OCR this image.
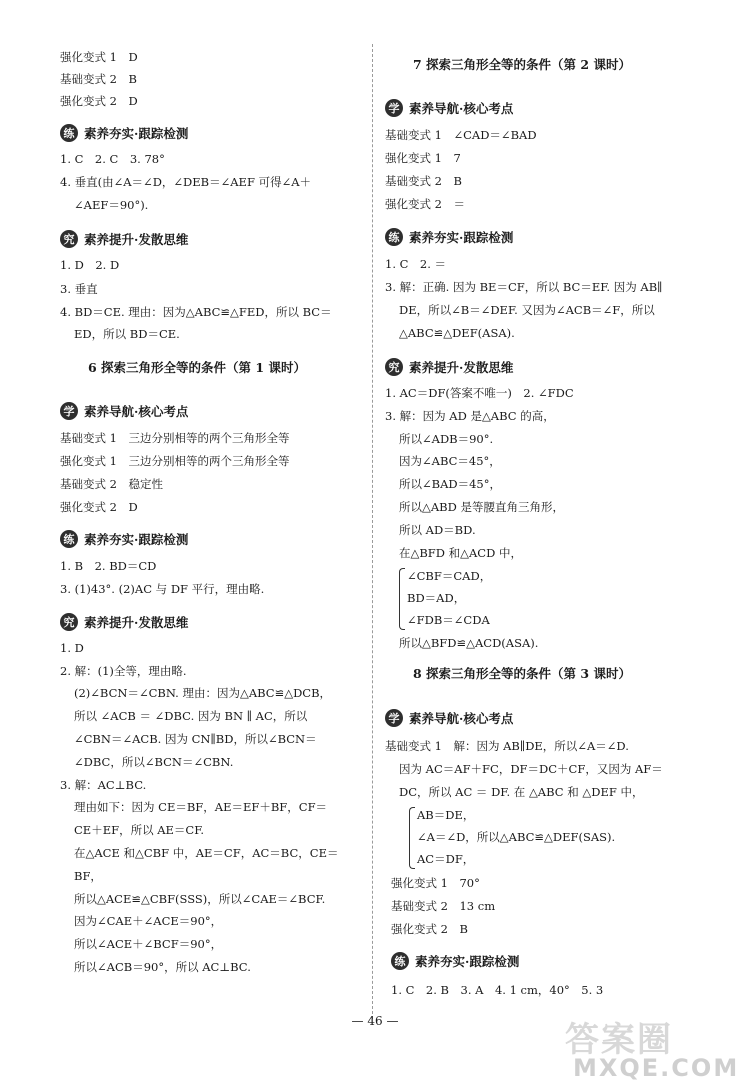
强化变式 1　D
基础变式 2　B
强化变式 2　D
练 素养夯实·跟踪检测
1. C　2. C　3. 78°
4. 垂直(由∠A＝∠D，∠DEB＝∠AEF 可得∠A＋
∠AEF＝90°).
究 素养提升·发散思维
1. D　2. D
3. 垂直
4. BD＝CE. 理由：因为△ABC≌△FED，所以 BC＝
ED，所以 BD＝CE.
6 探索三角形全等的条件（第 1 课时）
学 素养导航·核心考点
基础变式 1　三边分别相等的两个三角形全等
强化变式 1　三边分别相等的两个三角形全等
基础变式 2　稳定性
强化变式 2　D
练 素养夯实·跟踪检测
1. B　2. BD＝CD
3. (1)43°. (2)AC 与 DF 平行，理由略.
究 素养提升·发散思维
1. D
2. 解：(1)全等，理由略.
(2)∠BCN＝∠CBN. 理由：因为△ABC≌△DCB，
所以 ∠ACB ＝ ∠DBC. 因为 BN ∥ AC，所以
∠CBN＝∠ACB. 因为 CN∥BD，所以∠BCN＝
∠DBC，所以∠BCN＝∠CBN.
3. 解：AC⊥BC.
理由如下：因为 CE＝BF，AE＝EF＋BF，CF＝
CE＋EF，所以 AE＝CF.
在△ACE 和△CBF 中，AE＝CF，AC＝BC，CE＝
BF，
所以△ACE≌△CBF(SSS)，所以∠CAE＝∠BCF.
因为∠CAE＋∠ACE＝90°，
所以∠ACE＋∠BCF＝90°，
所以∠ACB＝90°，所以 AC⊥BC.
7 探索三角形全等的条件（第 2 课时）
学 素养导航·核心考点
基础变式 1　∠CAD＝∠BAD
强化变式 1　7
基础变式 2　B
强化变式 2　＝
练 素养夯实·跟踪检测
1. C　2. ＝
3. 解：正确. 因为 BE＝CF，所以 BC＝EF. 因为 AB∥
DE，所以∠B＝∠DEF. 又因为∠ACB＝∠F，所以
△ABC≌△DEF(ASA).
究 素养提升·发散思维
1. AC＝DF(答案不唯一)　2. ∠FDC
3. 解：因为 AD 是△ABC 的高，
所以∠ADB＝90°.
因为∠ABC＝45°，
所以∠BAD＝45°，
所以△ABD 是等腰直角三角形，
所以 AD＝BD.
在△BFD 和△ACD 中，
∠CBF＝CAD，
BD＝AD，
∠FDB＝∠CDA
所以△BFD≌△ACD(ASA).
8 探索三角形全等的条件（第 3 课时）
学 素养导航·核心考点
基础变式 1　解：因为 AB∥DE，所以∠A＝∠D.
因为 AC＝AF＋FC，DF＝DC＋CF，又因为 AF＝
DC，所以 AC ＝ DF. 在 △ABC 和 △DEF 中，
AB＝DE，
∠A＝∠D，所以△ABC≌△DEF(SAS).
AC＝DF，
强化变式 1　70°
基础变式 2　13 cm
强化变式 2　B
练 素养夯实·跟踪检测
1. C　2. B　3. A　4. 1 cm，40°　5. 3
— 46 —	答案圈
MXQE.COM
